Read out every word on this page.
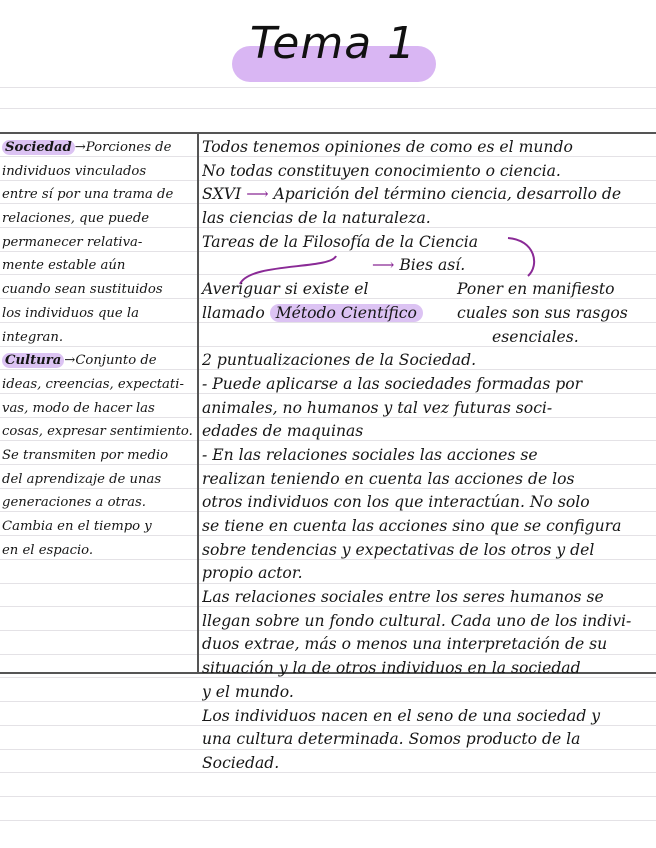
Tema 1
Sociedad →Porciones de
individuos vinculados
entre sí por una trama de
relaciones, que puede
permanecer relativa-
mente estable aún
cuando sean sustituidos
los individuos que la
integran.
Cultura →Conjunto de
ideas, creencias, expectati-
vas, modo de hacer las
cosas, expresar sentimiento.
Se transmiten por medio
del aprendizaje de unas
generaciones a otras.
Cambia en el tiempo y
en el espacio.
Todos tenemos opiniones de como es el mundo
No todas constituyen conocimiento o ciencia.
SXVI ⟶ Aparición del término ciencia, desarrollo de
las ciencias de la naturaleza.
Tareas de la Filosofía de la Ciencia
⟶ Bies así.
Averiguar si existe el	Poner en manifiesto
llamado Método Científico	cuales son sus rasgos
esenciales.
2 puntualizaciones de la Sociedad.
- Puede aplicarse a las sociedades formadas por
animales, no humanos y tal vez futuras soci-
edades de maquinas
- En las relaciones sociales las acciones se
realizan teniendo en cuenta las acciones de los
otros individuos con los que interactúan. No solo
se tiene en cuenta las acciones sino que se configura
sobre tendencias y expectativas de los otros y del
propio actor.
Las relaciones sociales entre los seres humanos se
llegan sobre un fondo cultural. Cada uno de los indivi-
duos extrae, más o menos una interpretación de su
situación y la de otros individuos en la sociedad
y el mundo.
Los individuos nacen en el seno de una sociedad y
una cultura determinada. Somos producto de la
Sociedad.
